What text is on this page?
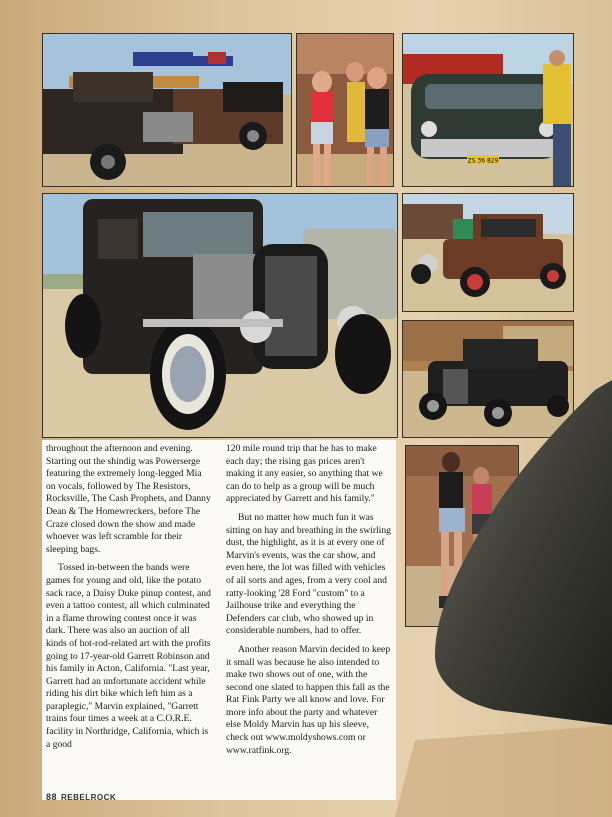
ZS 36 829

throughout the afternoon and evening. Starting out the shindig was Powerserge featuring the extremely long-legged Mia on vocals, followed by The Resistors, Rocksville, The Cash Prophets, and Danny Dean & The Homewreckers, before The Craze closed down the show and made whoever was left scramble for their sleeping bags.

Tossed in-between the bands were games for young and old, like the potato sack race, a Daisy Duke pinup contest, and even a tattoo contest, all which culminated in a flame throwing contest once it was dark. There was also an auction of all kinds of hot-rod-related art with the profits going to 17-year-old Garrett Robinson and his family in Acton, California. "Last year, Garrett had an unfortunate accident while riding his dirt bike which left him as a paraplegic," Marvin explained, "Garrett trains four times a week at a C.O.R.E. facility in Northridge, California, which is a good

120 mile round trip that he has to make each day; the rising gas prices aren't making it any easier, so anything that we can do to help as a group will be much appreciated by Garrett and his family."

But no matter how much fun it was sitting on hay and breathing in the swirling dust, the highlight, as it is at every one of Marvin's events, was the car show, and even here, the lot was filled with vehicles of all sorts and ages, from a very cool and ratty-looking '28 Ford "custom" to a Jailhouse trike and everything the Defenders car club, who showed up in considerable numbers, had to offer.

Another reason Marvin decided to keep it small was because he also intended to make two shows out of one, with the second one slated to happen this fall as the Rat Fink Party we all know and love. For more info about the party and whatever else Moldy Marvin has up his sleeve, check out www.moldyshows.com or www.ratfink.org.

88 REBELROCK
